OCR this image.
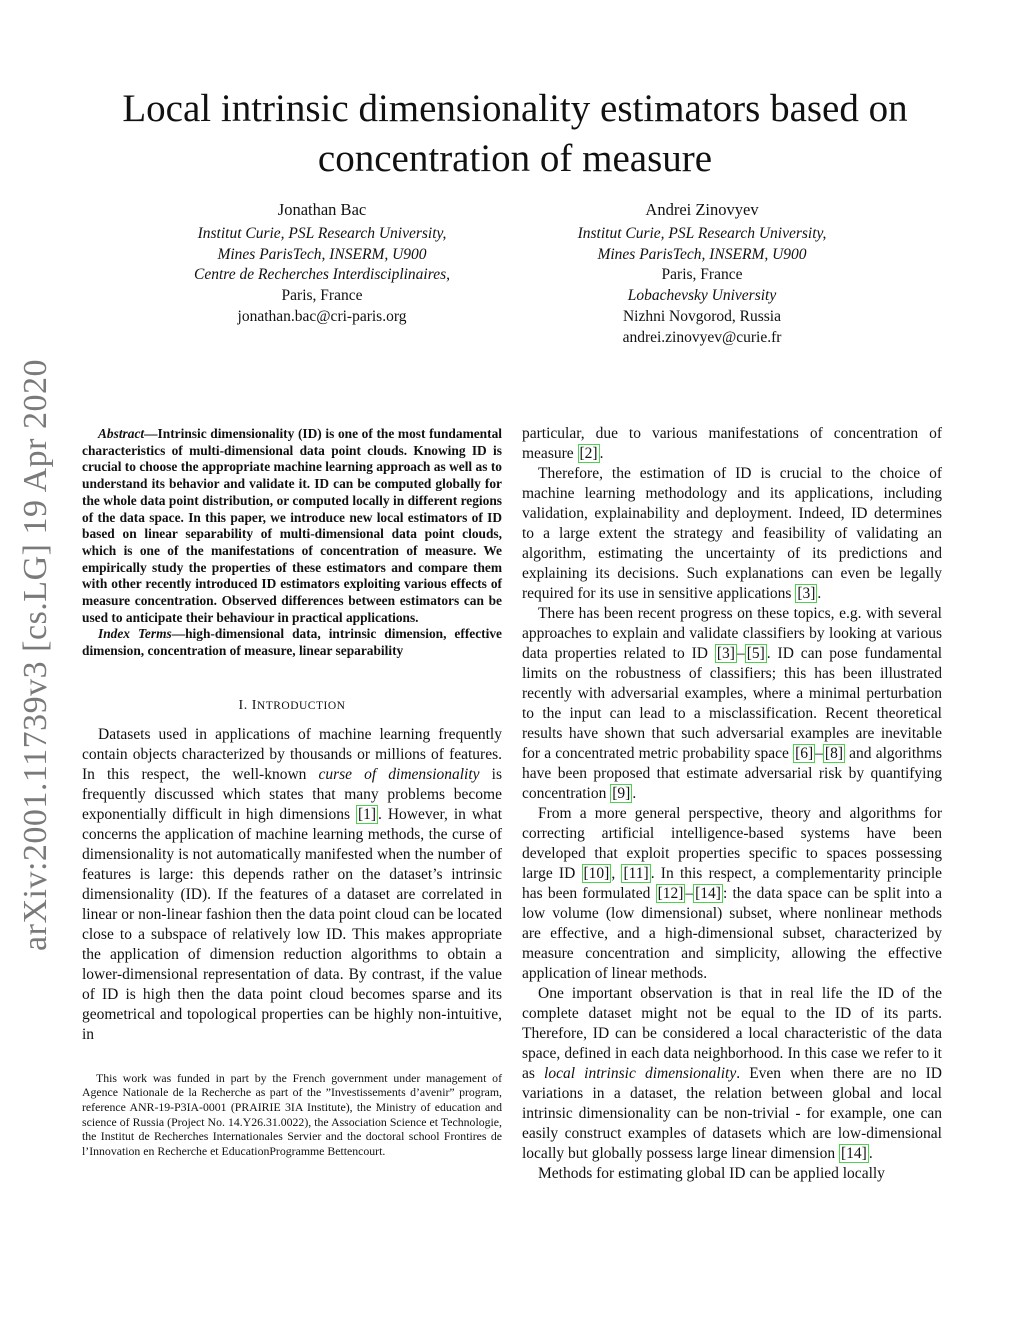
arXiv:2001.11739v3 [cs.LG] 19 Apr 2020
Local intrinsic dimensionality estimators based on concentration of measure
Jonathan Bac
Institut Curie, PSL Research University,
Mines ParisTech, INSERM, U900
Centre de Recherches Interdisciplinaires,
Paris, France
jonathan.bac@cri-paris.org
Andrei Zinovyev
Institut Curie, PSL Research University,
Mines ParisTech, INSERM, U900
Paris, France
Lobachevsky University
Nizhni Novgorod, Russia
andrei.zinovyev@curie.fr

Abstract—Intrinsic dimensionality (ID) is one of the most fundamental characteristics of multi-dimensional data point clouds. Knowing ID is crucial to choose the appropriate machine learning approach as well as to understand its behavior and validate it. ID can be computed globally for the whole data point distribution, or computed locally in different regions of the data space. In this paper, we introduce new local estimators of ID based on linear separability of multi-dimensional data point clouds, which is one of the manifestations of concentration of measure. We empirically study the properties of these estimators and compare them with other recently introduced ID estimators exploiting various effects of measure concentration. Observed differences between estimators can be used to anticipate their behaviour in practical applications.

Index Terms—high-dimensional data, intrinsic dimension, effective dimension, concentration of measure, linear separability

I. INTRODUCTION

Datasets used in applications of machine learning frequently contain objects characterized by thousands or millions of features. In this respect, the well-known curse of dimensionality is frequently discussed which states that many problems become exponentially difficult in high dimensions [1] . However, in what concerns the application of machine learning methods, the curse of dimensionality is not automatically manifested when the number of features is large: this depends rather on the dataset’s intrinsic dimensionality (ID). If the features of a dataset are correlated in linear or non-linear fashion then the data point cloud can be located close to a subspace of relatively low ID. This makes appropriate the application of dimension reduction algorithms to obtain a lower-dimensional representation of data. By contrast, if the value of ID is high then the data point cloud becomes sparse and its geometrical and topological properties can be highly non-intuitive, in

This work was funded in part by the French government under management of Agence Nationale de la Recherche as part of the ”Investissements d’avenir” program, reference ANR-19-P3IA-0001 (PRAIRIE 3IA Institute), the Ministry of education and science of Russia (Project No. 14.Y26.31.0022), the Association Science et Technologie, the Institut de Recherches Internationales Servier and the doctoral school Frontires de l’Innovation en Recherche et EducationProgramme Bettencourt.

particular, due to various manifestations of concentration of measure [2] .

Therefore, the estimation of ID is crucial to the choice of machine learning methodology and its applications, including validation, explainability and deployment. Indeed, ID determines to a large extent the strategy and feasibility of validating an algorithm, estimating the uncertainty of its predictions and explaining its decisions. Such explanations can even be legally required for its use in sensitive applications [3] .

There has been recent progress on these topics, e.g. with several approaches to explain and validate classifiers by looking at various data properties related to ID [3] – [5] . ID can pose fundamental limits on the robustness of classifiers; this has been illustrated recently with adversarial examples, where a minimal perturbation to the input can lead to a misclassification. Recent theoretical results have shown that such adversarial examples are inevitable for a concentrated metric probability space [6] – [8] and algorithms have been proposed that estimate adversarial risk by quantifying concentration [9] .

From a more general perspective, theory and algorithms for correcting artificial intelligence-based systems have been developed that exploit properties specific to spaces possessing large ID [10] , [11] . In this respect, a complementarity principle has been formulated [12] – [14] : the data space can be split into a low volume (low dimensional) subset, where nonlinear methods are effective, and a high-dimensional subset, characterized by measure concentration and simplicity, allowing the effective application of linear methods.

One important observation is that in real life the ID of the complete dataset might not be equal to the ID of its parts. Therefore, ID can be considered a local characteristic of the data space, defined in each data neighborhood. In this case we refer to it as local intrinsic dimensionality. Even when there are no ID variations in a dataset, the relation between global and local intrinsic dimensionality can be non-trivial - for example, one can easily construct examples of datasets which are low-dimensional locally but globally possess large linear dimension [14] .

Methods for estimating global ID can be applied locally
